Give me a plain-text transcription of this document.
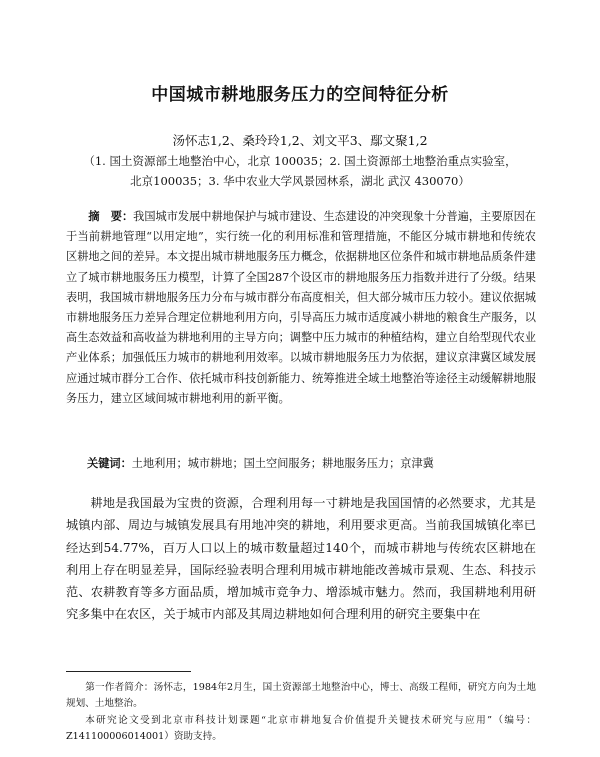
中国城市耕地服务压力的空间特征分析
汤怀志1,2、桑玲玲1,2、刘文平3、鄢文聚1,2
（1. 国土资源部土地整治中心，北京 100035；2. 国土资源部土地整治重点实验室，
北京100035；3. 华中农业大学风景园林系，湖北 武汉 430070）
摘　要：我国城市发展中耕地保护与城市建设、生态建设的冲突现象十分普遍，主要原因在于当前耕地管理“以用定地”，实行统一化的利用标准和管理措施，不能区分城市耕地和传统农区耕地之间的差异。本文提出城市耕地服务压力概念，依据耕地区位条件和城市耕地品质条件建立了城市耕地服务压力模型，计算了全国287个设区市的耕地服务压力指数并进行了分级。结果表明，我国城市耕地服务压力分布与城市群分布高度相关，但大部分城市压力较小。建议依据城市耕地服务压力差异合理定位耕地利用方向，引导高压力城市适度减小耕地的粮食生产服务，以高生态效益和高收益为耕地利用的主导方向；调整中压力城市的种植结构，建立自给型现代农业产业体系；加强低压力城市的耕地利用效率。以城市耕地服务压力为依据，建议京津冀区域发展应通过城市群分工合作、依托城市科技创新能力、统筹推进全域土地整治等途径主动缓解耕地服务压力，建立区域间城市耕地利用的新平衡。
关键词：土地利用；城市耕地；国土空间服务；耕地服务压力；京津冀
耕地是我国最为宝贵的资源，合理利用每一寸耕地是我国国情的必然要求，尤其是城镇内部、周边与城镇发展具有用地冲突的耕地，利用要求更高。当前我国城镇化率已经达到54.77%，百万人口以上的城市数量超过140个，而城市耕地与传统农区耕地在利用上存在明显差异，国际经验表明合理利用城市耕地能改善城市景观、生态、科技示范、农耕教育等多方面品质，增加城市竞争力、增添城市魅力。然而，我国耕地利用研究多集中在农区，关于城市内部及其周边耕地如何合理利用的研究主要集中在
第一作者简介：汤怀志，1984年2月生，国土资源部土地整治中心，博士、高级工程师，研究方向为土地规划、土地整治。
本研究论文受到北京市科技计划课题“北京市耕地复合价值提升关键技术研究与应用”（编号：Z141100006014001）资助支持。
